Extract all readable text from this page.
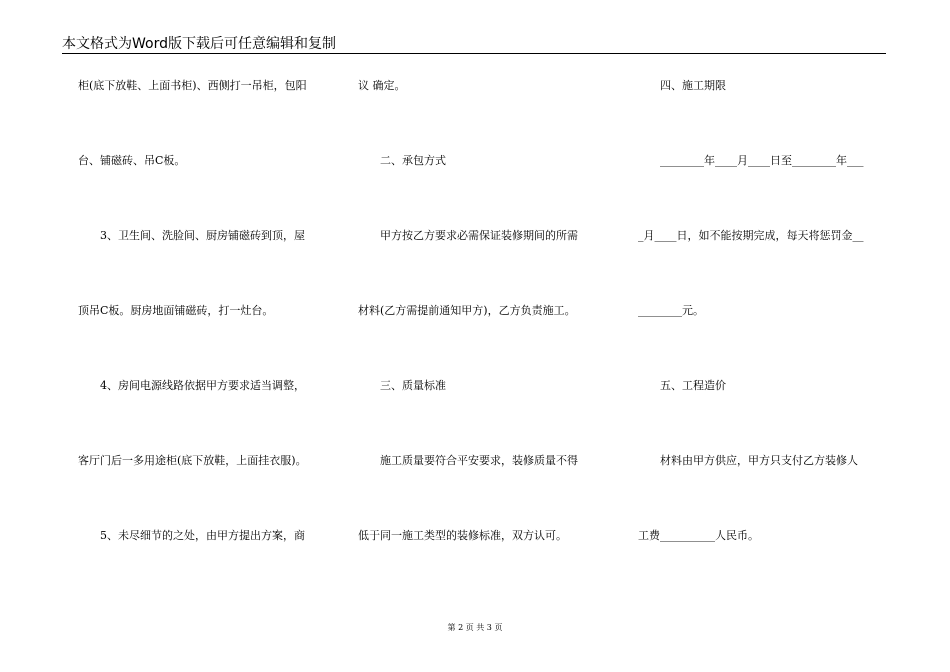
本文格式为Word版下载后可任意编辑和复制
柜(底下放鞋、上面书柜)、西侧打一吊柜，包阳
台、铺磁砖、吊C板。
　　3、卫生间、洗脸间、厨房铺磁砖到顶，屋
顶吊C板。厨房地面铺磁砖，打一灶台。
　　4、房间电源线路依据甲方要求适当调整，
客厅门后一多用途柜(底下放鞋，上面挂衣服)。
　　5、未尽细节的之处，由甲方提出方案，商
议 确定。
　　二、承包方式
　　甲方按乙方要求必需保证装修期间的所需
材料(乙方需提前通知甲方)，乙方负责施工。
　　三、质量标准
　　施工质量要符合平安要求，装修质量不得
低于同一施工类型的装修标准，双方认可。
　　四、施工期限
　　________年____月____日至________年___
_月____日，如不能按期完成，每天将惩罚金__
________元。
　　五、工程造价
　　材料由甲方供应，甲方只支付乙方装修人
工费__________人民币。
第 2 页 共 3 页
